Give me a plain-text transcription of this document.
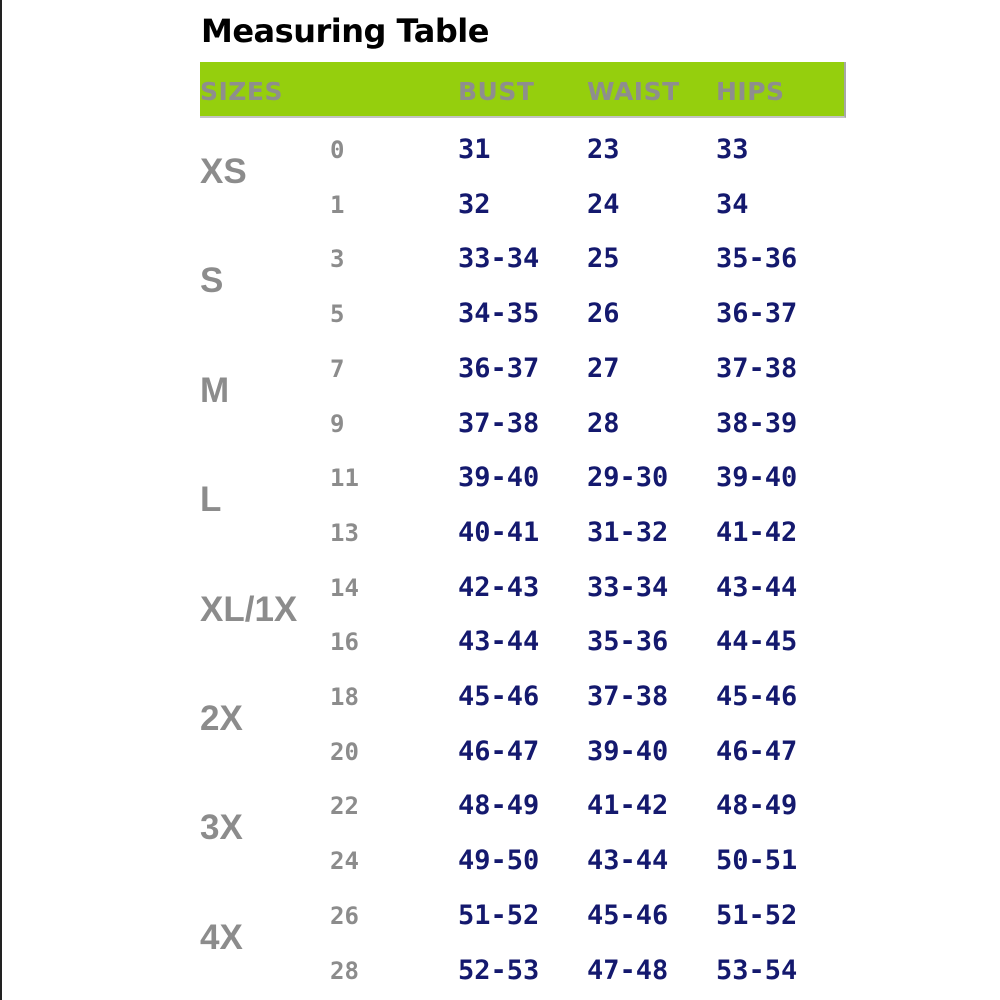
Measuring Table
SIZES	BUST WAIST HIPS
XS
0	31	23	33
1	32	24	34
S
3	33-34 25	35-36
5	34-35 26	36-37
M
7	36-37 27	37-38
9	37-38 28	38-39
L
11	39-40 29-30 39-40
13	40-41 31-32 41-42
XL/1X
14	42-43 33-34 43-44
16	43-44 35-36 44-45
2X
18	45-46 37-38 45-46
20	46-47 39-40 46-47
3X
22	48-49 41-42 48-49
24	49-50 43-44 50-51
4X
26	51-52 45-46 51-52
28	52-53 47-48 53-54
